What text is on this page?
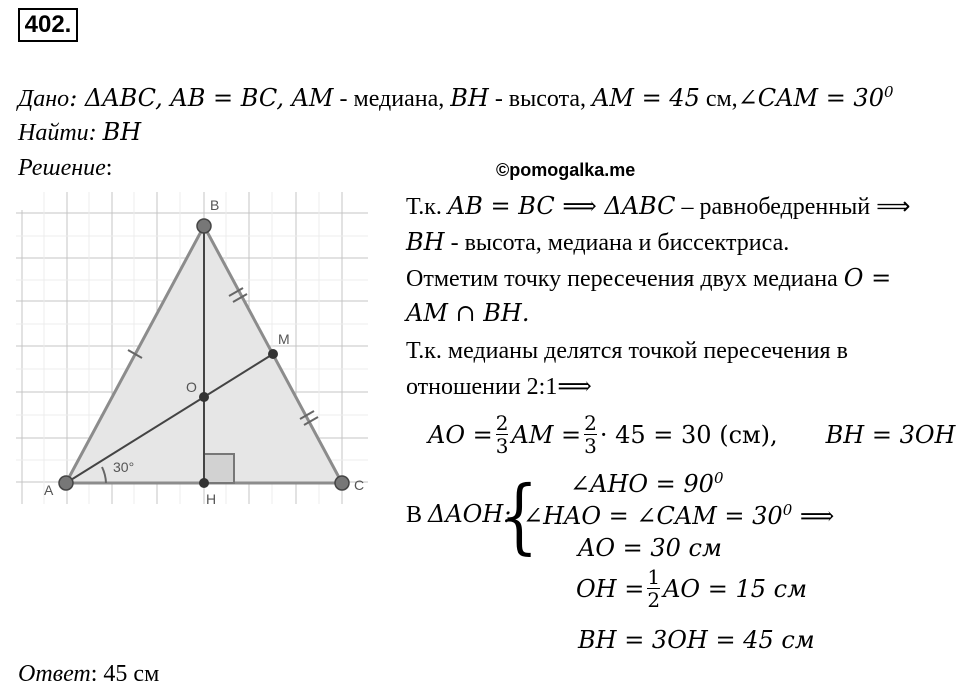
402.
Дано: ΔABC, AB = BC, AM - медиана, BH - высота, AM = 45 см,∠CAM = $30^0$
Найти: BH
Решение:	©pomogalka.me
B
M
O
A	C
H
30°
Т.к. AB = BC ⟹ ΔABC – равнобедренный ⟹
BH - высота, медиана и биссектриса.
Отметим точку пересечения двух медиана O =
AM ∩ BH.
Т.к. медианы делятся точкой пересечения в
отношении 2:1⟹
AO = $\frac{2}{3}$ AM = $\frac{2}{3} \cdot 45 = 30$ (см), BH = 3OH
В ΔAOH:
{ ∠AHO = $90^0$
∠HAO = ∠CAM = $30^0$ ⟹
AO = 30 см
OH = $\frac{1}{2}$ AO = 15 см
BH = 3OH = 45 см
Ответ: 45 см
